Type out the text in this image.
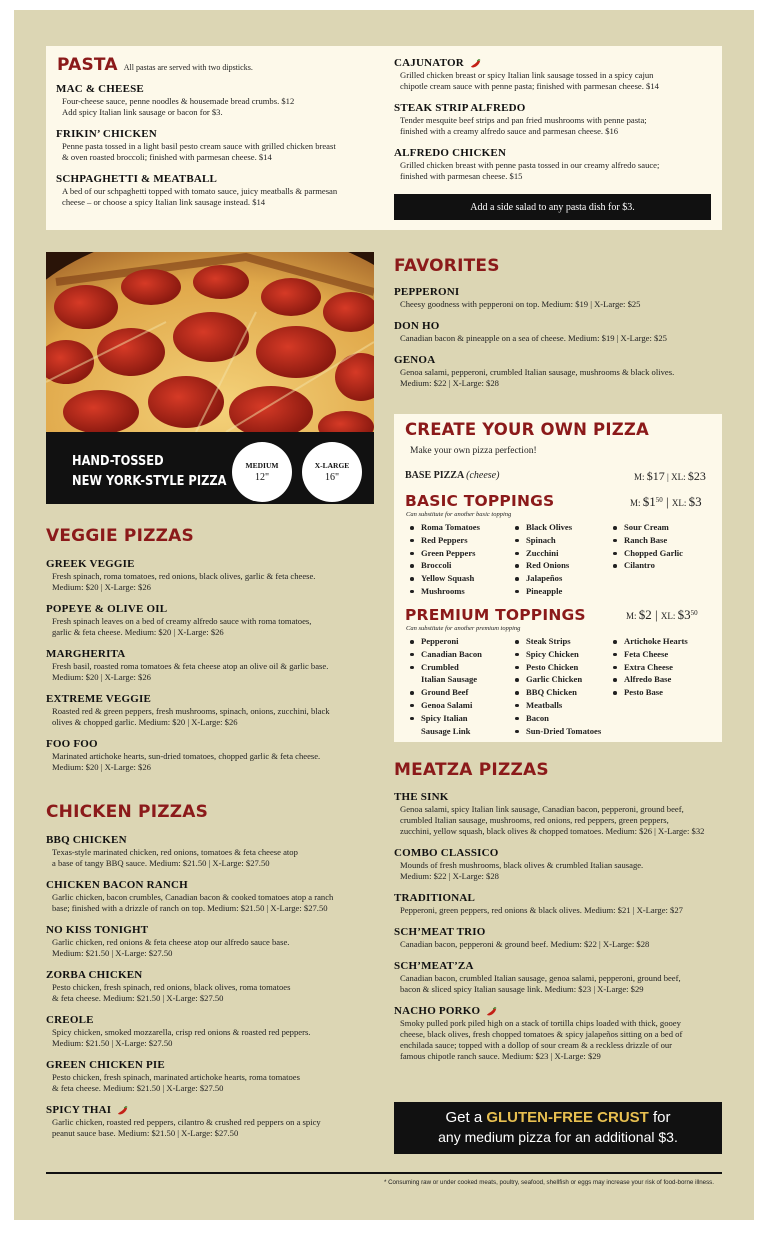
PASTA All pastas are served with two dipsticks.
MAC & CHEESE
Four-cheese sauce, penne noodles & housemade bread crumbs. $12
Add spicy Italian link sausage or bacon for $3.
FRIKIN’ CHICKEN
Penne pasta tossed in a light basil pesto cream sauce with grilled chicken breast
& oven roasted broccoli; finished with parmesan cheese. $14
SCHPAGHETTI & MEATBALL
A bed of our schpaghetti topped with tomato sauce, juicy meatballs & parmesan
cheese – or choose a spicy Italian link sausage instead. $14
CAJUNATOR
Grilled chicken breast or spicy Italian link sausage tossed in a spicy cajun
chipotle cream sauce with penne pasta; finished with parmesan cheese. $14
STEAK STRIP ALFREDO
Tender mesquite beef strips and pan fried mushrooms with penne pasta;
finished with a creamy alfredo sauce and parmesan cheese. $16
ALFREDO CHICKEN
Grilled chicken breast with penne pasta tossed in our creamy alfredo sauce;
finished with parmesan cheese. $15
Add a side salad to any pasta dish for $3.
HAND-TOSSED
NEW YORK-STYLE PIZZA
MEDIUM
12"
X-LARGE
16"
VEGGIE PIZZAS
GREEK VEGGIE
Fresh spinach, roma tomatoes, red onions, black olives, garlic & feta cheese.
Medium: $20 | X-Large: $26
POPEYE & OLIVE OIL
Fresh spinach leaves on a bed of creamy alfredo sauce with roma tomatoes,
garlic & feta cheese. Medium: $20 | X-Large: $26
MARGHERITA
Fresh basil, roasted roma tomatoes & feta cheese atop an olive oil & garlic base.
Medium: $20 | X-Large: $26
EXTREME VEGGIE
Roasted red & green peppers, fresh mushrooms, spinach, onions, zucchini, black
olives & chopped garlic. Medium: $20 | X-Large: $26
FOO FOO
Marinated artichoke hearts, sun-dried tomatoes, chopped garlic & feta cheese.
Medium: $20 | X-Large: $26
CHICKEN PIZZAS
BBQ CHICKEN
Texas-style marinated chicken, red onions, tomatoes & feta cheese atop
a base of tangy BBQ sauce. Medium: $21.50 | X-Large: $27.50
CHICKEN BACON RANCH
Garlic chicken, bacon crumbles, Canadian bacon & cooked tomatoes atop a ranch
base; finished with a drizzle of ranch on top. Medium: $21.50 | X-Large: $27.50
NO KISS TONIGHT
Garlic chicken, red onions & feta cheese atop our alfredo sauce base.
Medium: $21.50 | X-Large: $27.50
ZORBA CHICKEN
Pesto chicken, fresh spinach, red onions, black olives, roma tomatoes
& feta cheese. Medium: $21.50 | X-Large: $27.50
CREOLE
Spicy chicken, smoked mozzarella, crisp red onions & roasted red peppers.
Medium: $21.50 | X-Large: $27.50
GREEN CHICKEN PIE
Pesto chicken, fresh spinach, marinated artichoke hearts, roma tomatoes
& feta cheese. Medium: $21.50 | X-Large: $27.50
SPICY THAI
Garlic chicken, roasted red peppers, cilantro & crushed red peppers on a spicy
peanut sauce base. Medium: $21.50 | X-Large: $27.50
FAVORITES
PEPPERONI
Cheesy goodness with pepperoni on top. Medium: $19 | X-Large: $25
DON HO
Canadian bacon & pineapple on a sea of cheese. Medium: $19 | X-Large: $25
GENOA
Genoa salami, pepperoni, crumbled Italian sausage, mushrooms & black olives.
Medium: $22 | X-Large: $28
CREATE YOUR OWN PIZZA
Make your own pizza perfection!
BASE PIZZA (cheese)	M: $17 | XL: $23
BASIC TOPPINGS
Can substitute for another basic topping
M: $\$1^{50}$ | XL: $3
Roma Tomatoes
Red Peppers
Green Peppers
Broccoli
Yellow Squash
Mushrooms
Black Olives
Spinach
Zucchini
Red Onions
Jalapeños
Pineapple
Sour Cream
Ranch Base
Chopped Garlic
Cilantro
PREMIUM TOPPINGS
Can substitute for another premium topping
M: $2 | XL: $\$3^{50}$
Pepperoni
Canadian Bacon
Crumbled
Italian Sausage
Ground Beef
Genoa Salami
Spicy Italian
Sausage Link
Steak Strips
Spicy Chicken
Pesto Chicken
Garlic Chicken
BBQ Chicken
Meatballs
Bacon
Sun-Dried Tomatoes
Artichoke Hearts
Feta Cheese
Extra Cheese
Alfredo Base
Pesto Base
MEATZA PIZZAS
THE SINK
Genoa salami, spicy Italian link sausage, Canadian bacon, pepperoni, ground beef,
crumbled Italian sausage, mushrooms, red onions, red peppers, green peppers,
zucchini, yellow squash, black olives & chopped tomatoes. Medium: $26 | X-Large: $32
COMBO CLASSICO
Mounds of fresh mushrooms, black olives & crumbled Italian sausage.
Medium: $22 | X-Large: $28
TRADITIONAL
Pepperoni, green peppers, red onions & black olives. Medium: $21 | X-Large: $27
SCH’MEAT TRIO
Canadian bacon, pepperoni & ground beef. Medium: $22 | X-Large: $28
SCH’MEAT’ZA
Canadian bacon, crumbled Italian sausage, genoa salami, pepperoni, ground beef,
bacon & sliced spicy Italian sausage link. Medium: $23 | X-Large: $29
NACHO PORKO
Smoky pulled pork piled high on a stack of tortilla chips loaded with thick, gooey
cheese, black olives, fresh chopped tomatoes & spicy jalapeños sitting on a bed of
enchilada sauce; topped with a dollop of sour cream & a reckless drizzle of our
famous chipotle ranch sauce. Medium: $23 | X-Large: $29
Get a GLUTEN-FREE CRUST for
any medium pizza for an additional $3.
* Consuming raw or under cooked meats, poultry, seafood, shellfish or eggs may increase your risk of food-borne illness.
